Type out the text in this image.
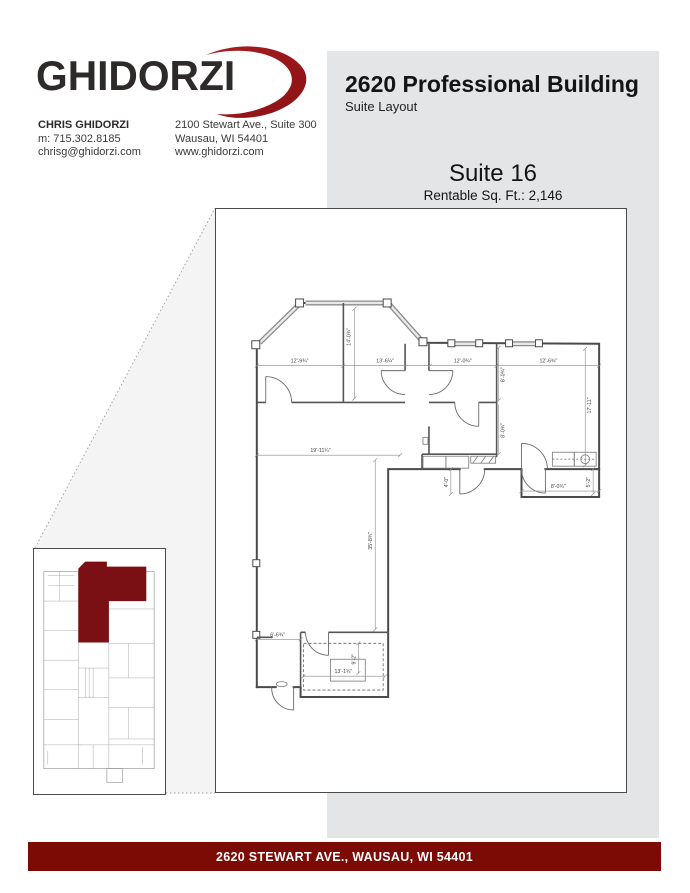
GHIDORZI
CHRIS GHIDORZI
m: 715.302.8185
chrisg@ghidorzi.com
2100 Stewart Ave., Suite 300
Wausau, WI 54401
www.ghidorzi.com
2620 Professional Building
Suite Layout
Suite 16
Rentable Sq. Ft.: 2,146
12'-9¾"	13'-6¼"
14'-0¾"
12'-0¾"	12'-6¾"
8'-0¾"
8'-0¾"
17'-11"
19'-11¼"
35'-8¾"
6'-6¾"
13'-1¾"
9'-2"
4'-0"	8'-0¾"	5'-2"
2620 STEWART AVE., WAUSAU, WI 54401
